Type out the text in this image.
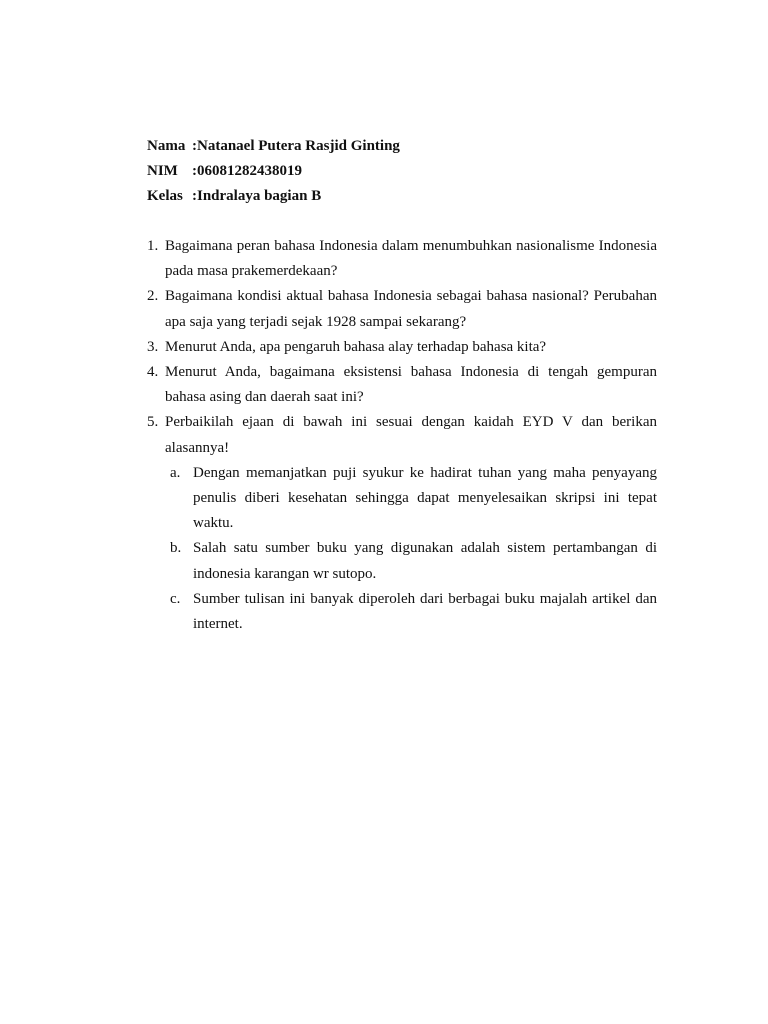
Nama :Natanael Putera Rasjid Ginting
NIM :06081282438019
Kelas :Indralaya bagian B
1. Bagaimana peran bahasa Indonesia dalam menumbuhkan nasionalisme Indonesia pada masa prakemerdekaan?
2. Bagaimana kondisi aktual bahasa Indonesia sebagai bahasa nasional? Perubahan apa saja yang terjadi sejak 1928 sampai sekarang?
3. Menurut Anda, apa pengaruh bahasa alay terhadap bahasa kita?
4. Menurut Anda, bagaimana eksistensi bahasa Indonesia di tengah gempuran bahasa asing dan daerah saat ini?
5. Perbaikilah ejaan di bawah ini sesuai dengan kaidah EYD V dan berikan alasannya!
a. Dengan memanjatkan puji syukur ke hadirat tuhan yang maha penyayang penulis diberi kesehatan sehingga dapat menyelesaikan skripsi ini tepat waktu.
b. Salah satu sumber buku yang digunakan adalah sistem pertambangan di indonesia karangan wr sutopo.
c. Sumber tulisan ini banyak diperoleh dari berbagai buku majalah artikel dan internet.
